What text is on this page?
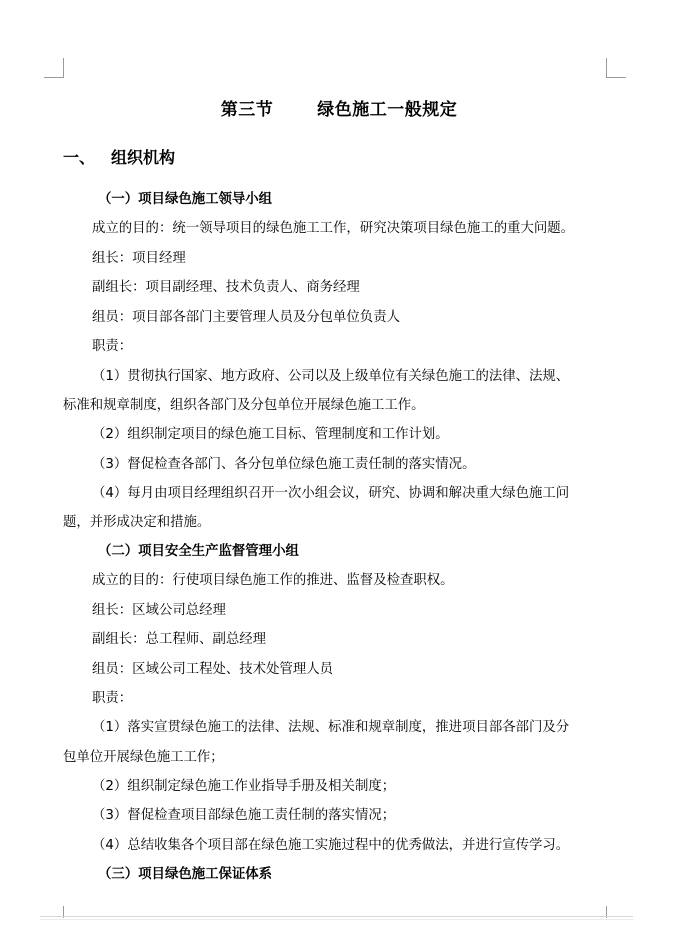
第三节	绿色施工一般规定
一、 组织机构
（一）项目绿色施工领导小组
成立的目的：统一领导项目的绿色施工工作，研究决策项目绿色施工的重大问题。
组长：项目经理
副组长：项目副经理、技术负责人、商务经理
组员：项目部各部门主要管理人员及分包单位负责人
职责：
（1）贯彻执行国家、地方政府、公司以及上级单位有关绿色施工的法律、法规、
标准和规章制度，组织各部门及分包单位开展绿色施工工作。
（2）组织制定项目的绿色施工目标、管理制度和工作计划。
（3）督促检查各部门、各分包单位绿色施工责任制的落实情况。
（4）每月由项目经理组织召开一次小组会议，研究、协调和解决重大绿色施工问
题，并形成决定和措施。
（二）项目安全生产监督管理小组
成立的目的：行使项目绿色施工作的推进、监督及检查职权。
组长：区域公司总经理
副组长：总工程师、副总经理
组员：区域公司工程处、技术处管理人员
职责：
（1）落实宣贯绿色施工的法律、法规、标准和规章制度，推进项目部各部门及分
包单位开展绿色施工工作；
（2）组织制定绿色施工作业指导手册及相关制度；
（3）督促检查项目部绿色施工责任制的落实情况；
（4）总结收集各个项目部在绿色施工实施过程中的优秀做法，并进行宣传学习。
（三）项目绿色施工保证体系
